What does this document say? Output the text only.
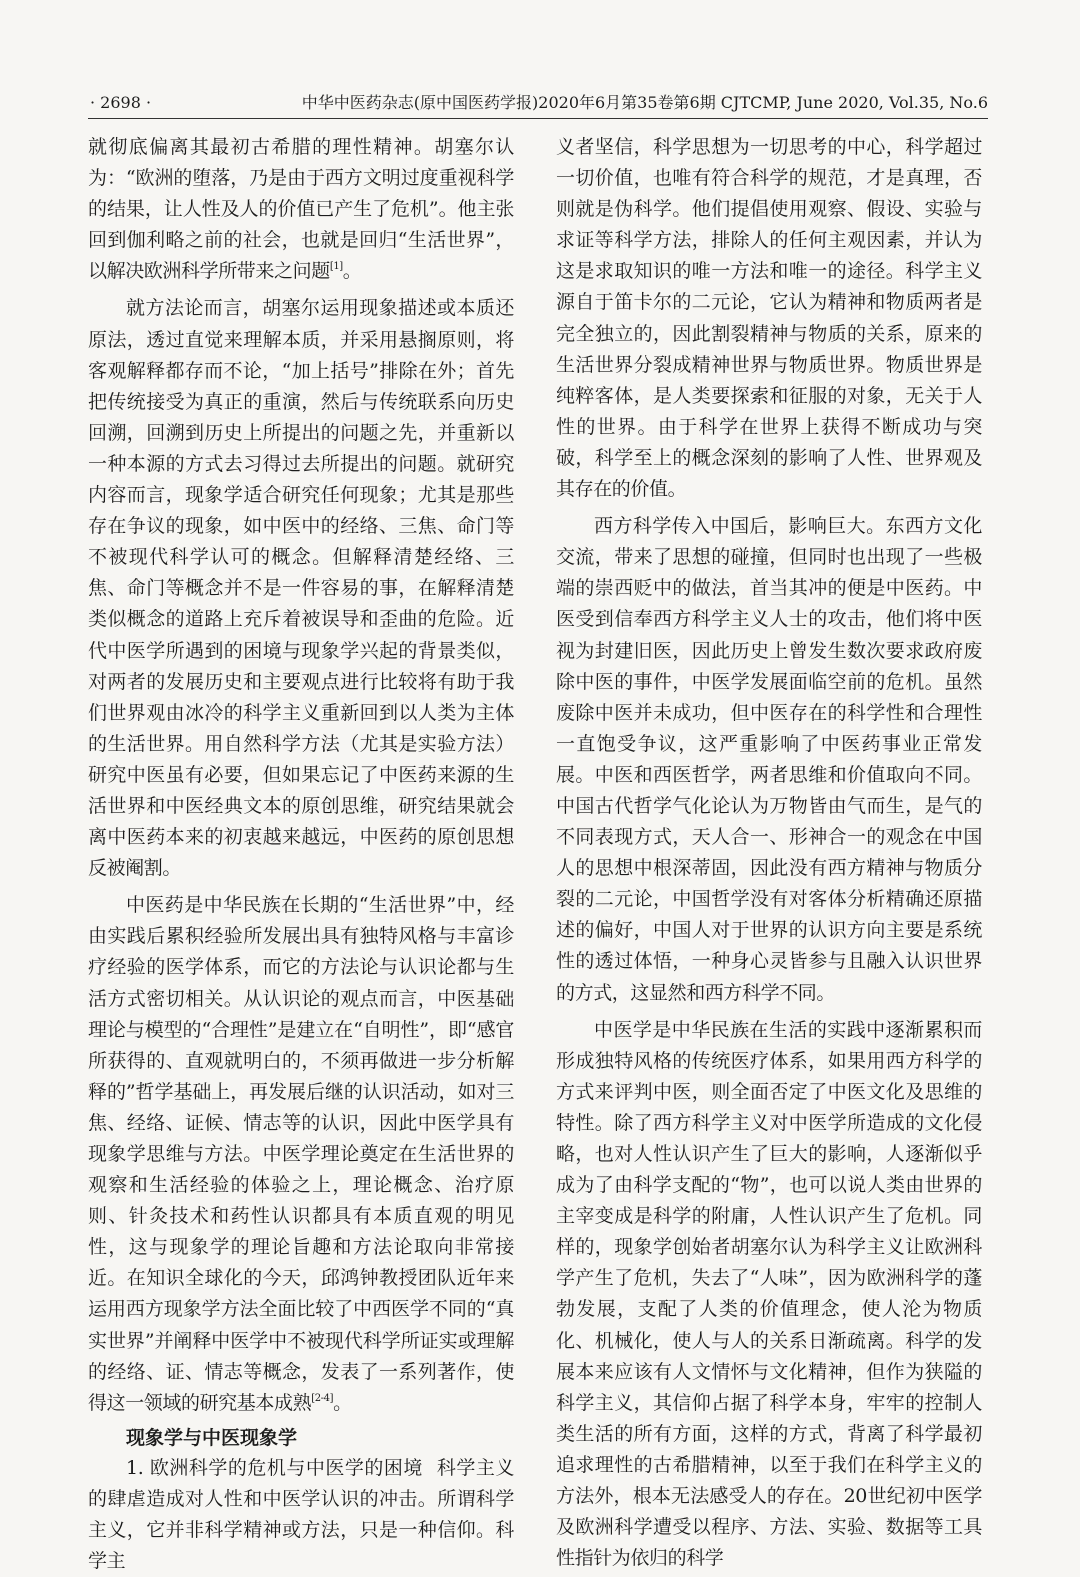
· 2698 ·	中华中医药杂志(原中国医药学报)2020年6月第35卷第6期 CJTCMP, June 2020, Vol.35, No.6

就彻底偏离其最初古希腊的理性精神。胡塞尔认为：“欧洲的堕落，乃是由于西方文明过度重视科学的结果，让人性及人的价值已产生了危机”。他主张回到伽利略之前的社会，也就是回归“生活世界”，以解决欧洲科学所带来之问题[1]。

就方法论而言，胡塞尔运用现象描述或本质还原法，透过直觉来理解本质，并采用悬搁原则，将客观解释都存而不论，“加上括号”排除在外；首先把传统接受为真正的重演，然后与传统联系向历史回溯，回溯到历史上所提出的问题之先，并重新以一种本源的方式去习得过去所提出的问题。就研究内容而言，现象学适合研究任何现象；尤其是那些存在争议的现象，如中医中的经络、三焦、命门等不被现代科学认可的概念。但解释清楚经络、三焦、命门等概念并不是一件容易的事，在解释清楚类似概念的道路上充斥着被误导和歪曲的危险。近代中医学所遇到的困境与现象学兴起的背景类似，对两者的发展历史和主要观点进行比较将有助于我们世界观由冰冷的科学主义重新回到以人类为主体的生活世界。用自然科学方法（尤其是实验方法）研究中医虽有必要，但如果忘记了中医药来源的生活世界和中医经典文本的原创思维，研究结果就会离中医药本来的初衷越来越远，中医药的原创思想反被阉割。

中医药是中华民族在长期的“生活世界”中，经由实践后累积经验所发展出具有独特风格与丰富诊疗经验的医学体系，而它的方法论与认识论都与生活方式密切相关。从认识论的观点而言，中医基础理论与模型的“合理性”是建立在“自明性”，即“感官所获得的、直观就明白的，不须再做进一步分析解释的”哲学基础上，再发展后继的认识活动，如对三焦、经络、证候、情志等的认识，因此中医学具有现象学思维与方法。中医学理论奠定在生活世界的观察和生活经验的体验之上，理论概念、治疗原则、针灸技术和药性认识都具有本质直观的明见性，这与现象学的理论旨趣和方法论取向非常接近。在知识全球化的今天，邱鸿钟教授团队近年来运用西方现象学方法全面比较了中西医学不同的“真实世界”并阐释中医学中不被现代科学所证实或理解的经络、证、情志等概念，发表了一系列著作，使得这一领域的研究基本成熟[2-4]。

现象学与中医现象学

1. 欧洲科学的危机与中医学的困境 科学主义的肆虐造成对人性和中医学认识的冲击。所谓科学主义，它并非科学精神或方法，只是一种信仰。科学主

义者坚信，科学思想为一切思考的中心，科学超过一切价值，也唯有符合科学的规范，才是真理，否则就是伪科学。他们提倡使用观察、假设、实验与求证等科学方法，排除人的任何主观因素，并认为这是求取知识的唯一方法和唯一的途径。科学主义源自于笛卡尔的二元论，它认为精神和物质两者是完全独立的，因此割裂精神与物质的关系，原来的生活世界分裂成精神世界与物质世界。物质世界是纯粹客体，是人类要探索和征服的对象，无关于人性的世界。由于科学在世界上获得不断成功与突破，科学至上的概念深刻的影响了人性、世界观及其存在的价值。

西方科学传入中国后，影响巨大。东西方文化交流，带来了思想的碰撞，但同时也出现了一些极端的崇西贬中的做法，首当其冲的便是中医药。中医受到信奉西方科学主义人士的攻击，他们将中医视为封建旧医，因此历史上曾发生数次要求政府废除中医的事件，中医学发展面临空前的危机。虽然废除中医并未成功，但中医存在的科学性和合理性一直饱受争议，这严重影响了中医药事业正常发展。中医和西医哲学，两者思维和价值取向不同。中国古代哲学气化论认为万物皆由气而生，是气的不同表现方式，天人合一、形神合一的观念在中国人的思想中根深蒂固，因此没有西方精神与物质分裂的二元论，中国哲学没有对客体分析精确还原描述的偏好，中国人对于世界的认识方向主要是系统性的透过体悟，一种身心灵皆参与且融入认识世界的方式，这显然和西方科学不同。

中医学是中华民族在生活的实践中逐渐累积而形成独特风格的传统医疗体系，如果用西方科学的方式来评判中医，则全面否定了中医文化及思维的特性。除了西方科学主义对中医学所造成的文化侵略，也对人性认识产生了巨大的影响，人逐渐似乎成为了由科学支配的“物”，也可以说人类由世界的主宰变成是科学的附庸，人性认识产生了危机。同样的，现象学创始者胡塞尔认为科学主义让欧洲科学产生了危机，失去了“人味”，因为欧洲科学的蓬勃发展，支配了人类的价值理念，使人沦为物质化、机械化，使人与人的关系日渐疏离。科学的发展本来应该有人文情怀与文化精神，但作为狭隘的科学主义，其信仰占据了科学本身，牢牢的控制人类生活的所有方面，这样的方式，背离了科学最初追求理性的古希腊精神，以至于我们在科学主义的方法外，根本无法感受人的存在。20世纪初中医学及欧洲科学遭受以程序、方法、实验、数据等工具性指针为依归的科学
